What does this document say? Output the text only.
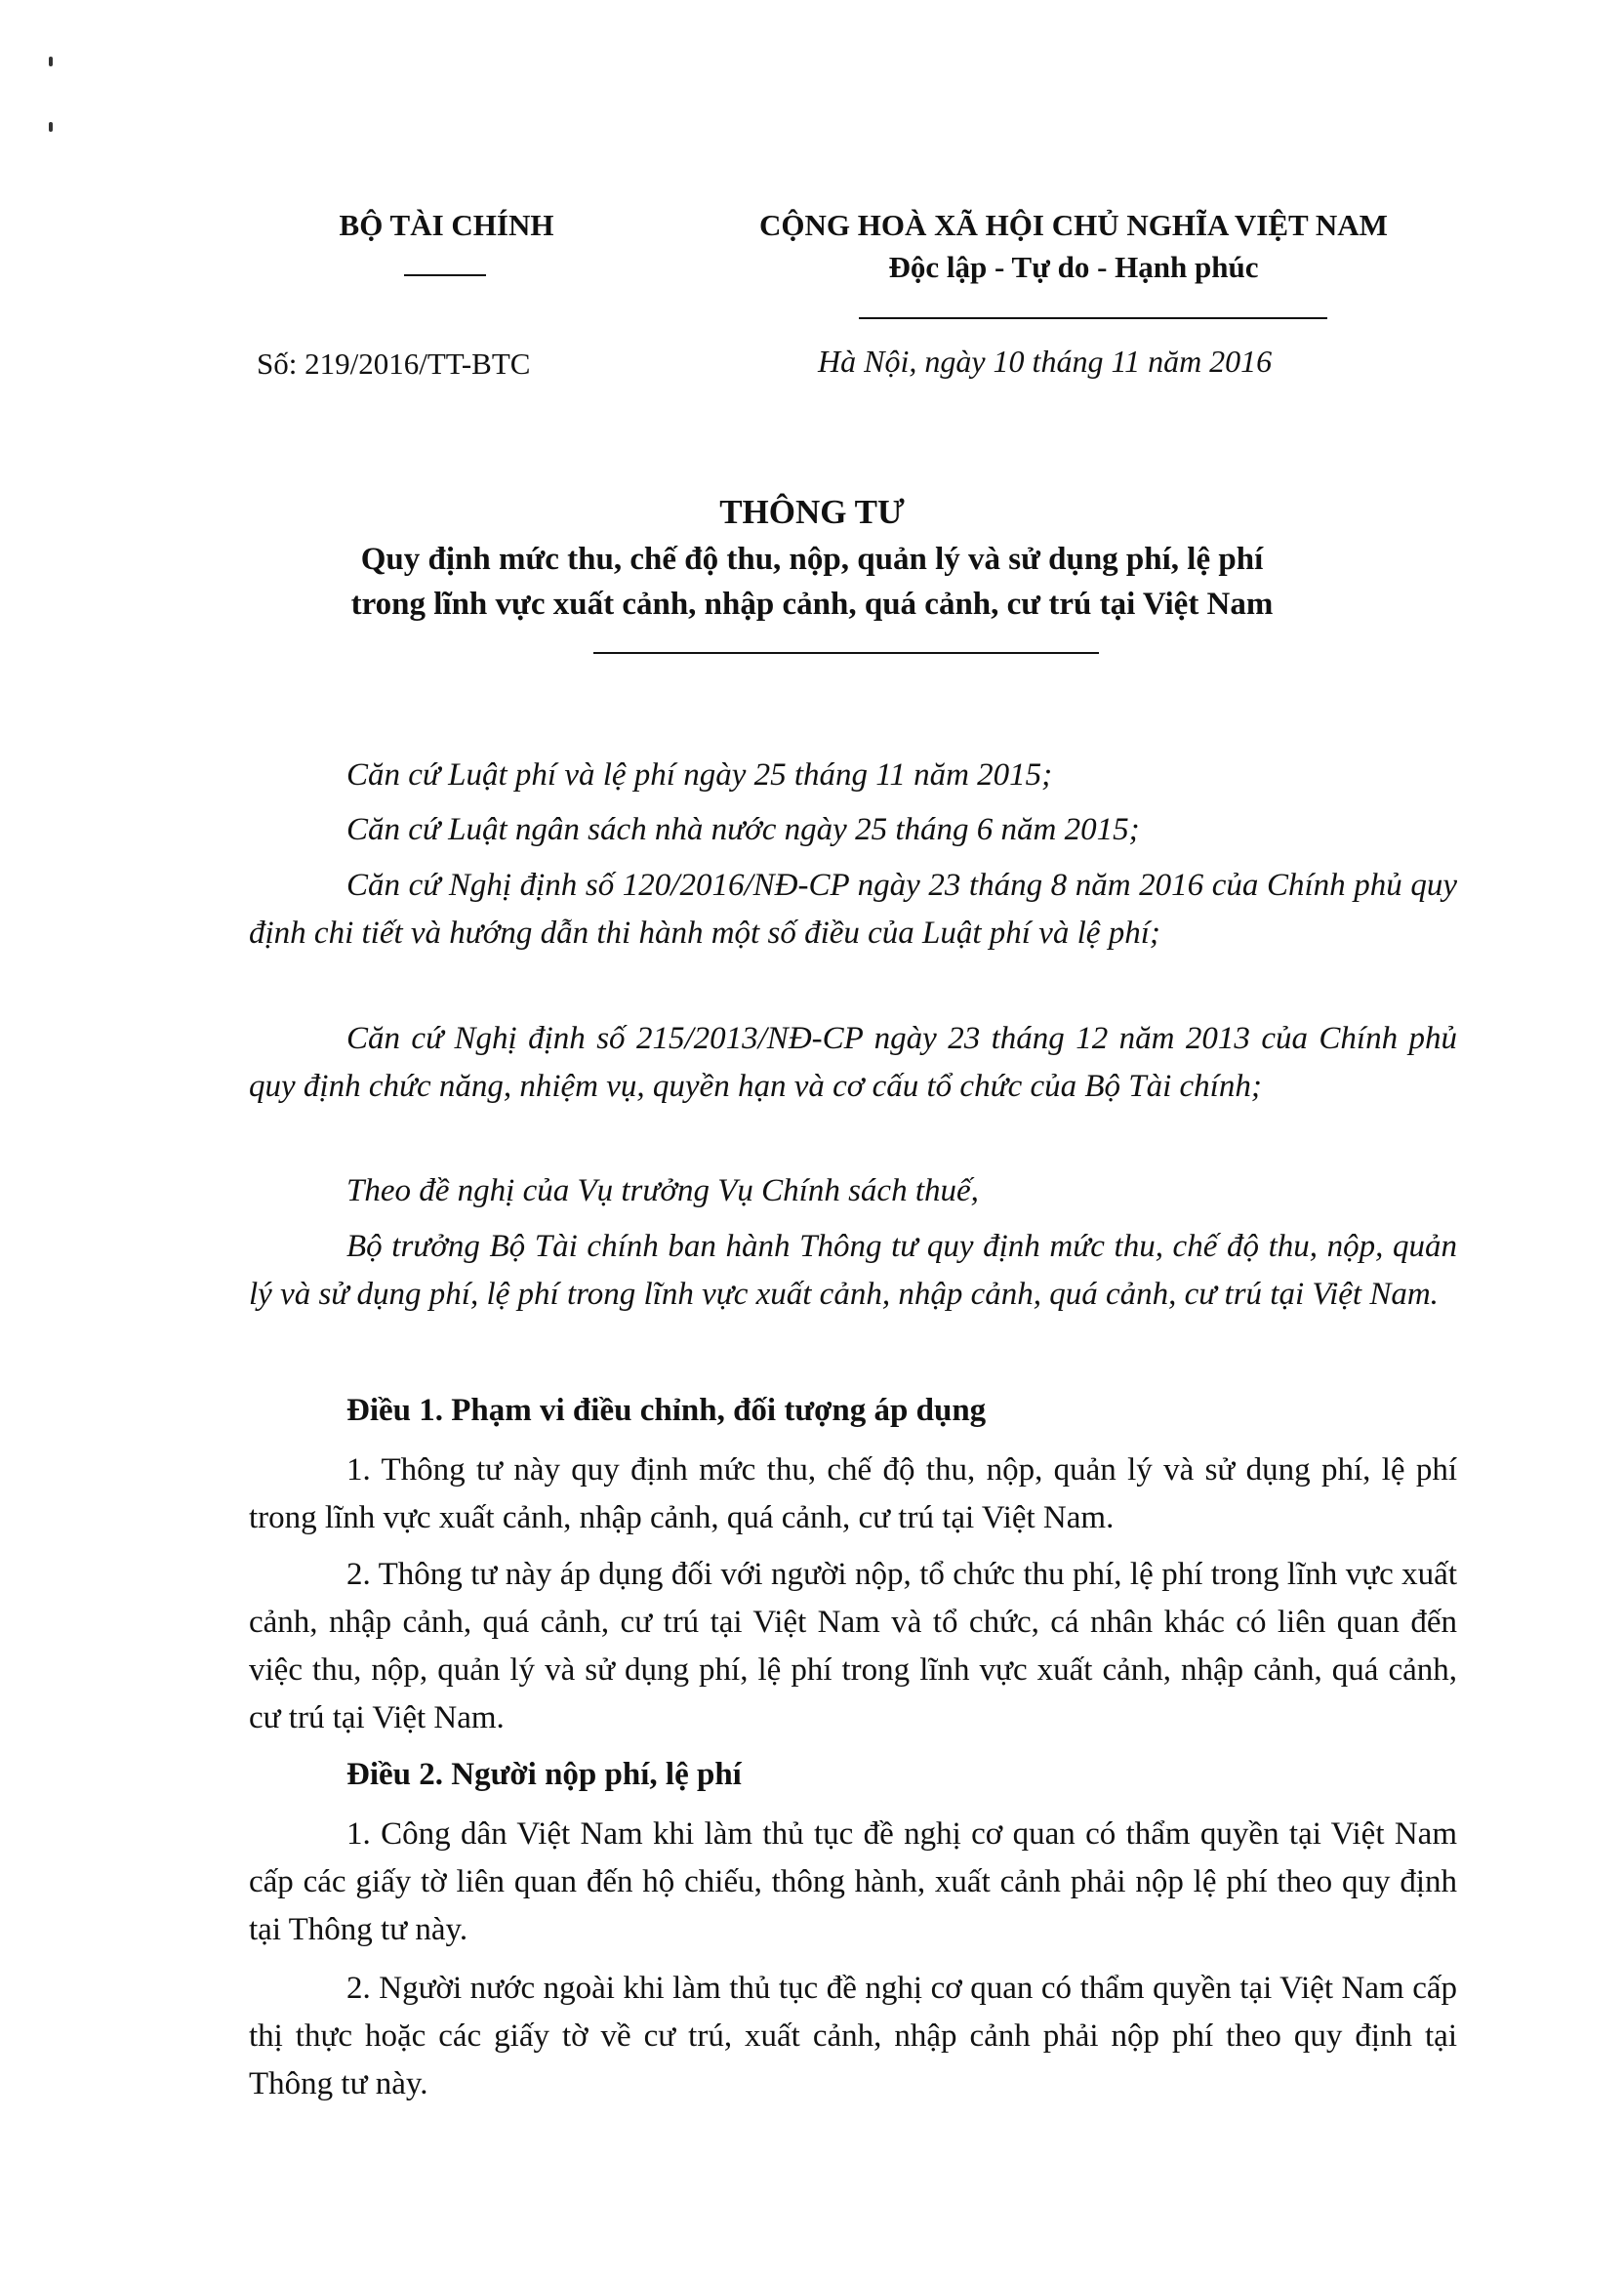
BỘ TÀI CHÍNH
Số: 219/2016/TT-BTC
CỘNG HOÀ XÃ HỘI CHỦ NGHĨA VIỆT NAM
Độc lập - Tự do - Hạnh phúc
Hà Nội, ngày 10 tháng 11 năm 2016
THÔNG TƯ
Quy định mức thu, chế độ thu, nộp, quản lý và sử dụng phí, lệ phí
trong lĩnh vực xuất cảnh, nhập cảnh, quá cảnh, cư trú tại Việt Nam
Căn cứ Luật phí và lệ phí ngày 25 tháng 11 năm 2015;
Căn cứ Luật ngân sách nhà nước ngày 25 tháng 6 năm 2015;
Căn cứ Nghị định số 120/2016/NĐ-CP ngày 23 tháng 8 năm 2016 của Chính phủ quy định chi tiết và hướng dẫn thi hành một số điều của Luật phí và lệ phí;
Căn cứ Nghị định số 215/2013/NĐ-CP ngày 23 tháng 12 năm 2013 của Chính phủ quy định chức năng, nhiệm vụ, quyền hạn và cơ cấu tổ chức của Bộ Tài chính;
Theo đề nghị của Vụ trưởng Vụ Chính sách thuế,
Bộ trưởng Bộ Tài chính ban hành Thông tư quy định mức thu, chế độ thu, nộp, quản lý và sử dụng phí, lệ phí trong lĩnh vực xuất cảnh, nhập cảnh, quá cảnh, cư trú tại Việt Nam.
Điều 1. Phạm vi điều chỉnh, đối tượng áp dụng
1. Thông tư này quy định mức thu, chế độ thu, nộp, quản lý và sử dụng phí, lệ phí trong lĩnh vực xuất cảnh, nhập cảnh, quá cảnh, cư trú tại Việt Nam.
2. Thông tư này áp dụng đối với người nộp, tổ chức thu phí, lệ phí trong lĩnh vực xuất cảnh, nhập cảnh, quá cảnh, cư trú tại Việt Nam và tổ chức, cá nhân khác có liên quan đến việc thu, nộp, quản lý và sử dụng phí, lệ phí trong lĩnh vực xuất cảnh, nhập cảnh, quá cảnh, cư trú tại Việt Nam.
Điều 2. Người nộp phí, lệ phí
1. Công dân Việt Nam khi làm thủ tục đề nghị cơ quan có thẩm quyền tại Việt Nam cấp các giấy tờ liên quan đến hộ chiếu, thông hành, xuất cảnh phải nộp lệ phí theo quy định tại Thông tư này.
2. Người nước ngoài khi làm thủ tục đề nghị cơ quan có thẩm quyền tại Việt Nam cấp thị thực hoặc các giấy tờ về cư trú, xuất cảnh, nhập cảnh phải nộp phí theo quy định tại Thông tư này.
